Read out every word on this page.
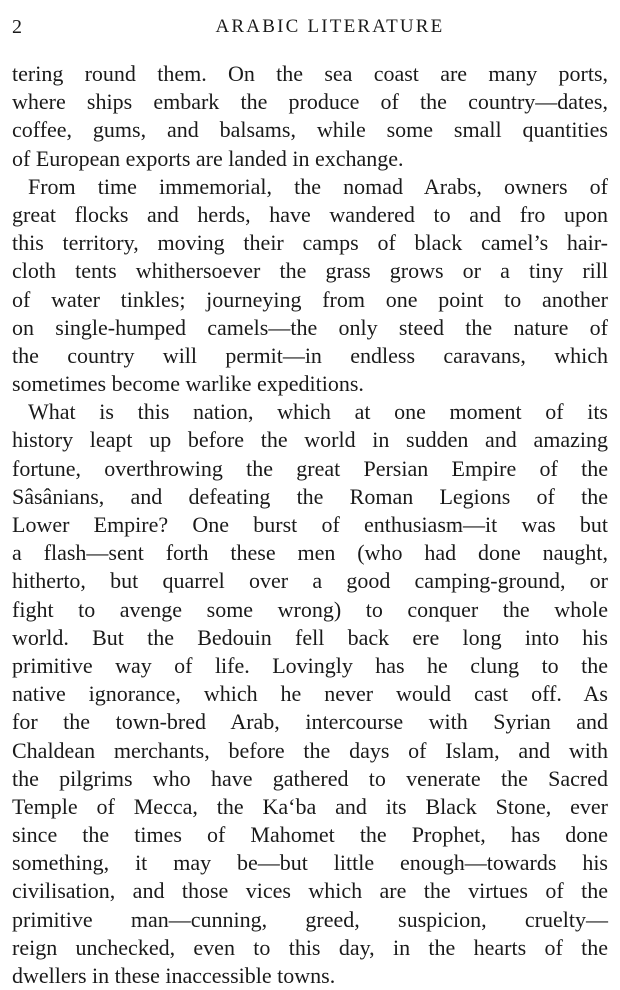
2	ARABIC LITERATURE
tering round them. On the sea coast are many ports,
where ships embark the produce of the country—dates,
coffee, gums, and balsams, while some small quantities
of European exports are landed in exchange.
From time immemorial, the nomad Arabs, owners of
great flocks and herds, have wandered to and fro upon
this territory, moving their camps of black camel’s hair-
cloth tents whithersoever the grass grows or a tiny rill
of water tinkles; journeying from one point to another
on single-humped camels—the only steed the nature of
the country will permit—in endless caravans, which
sometimes become warlike expeditions.
What is this nation, which at one moment of its
history leapt up before the world in sudden and amazing
fortune, overthrowing the great Persian Empire of the
Sâsânians, and defeating the Roman Legions of the
Lower Empire? One burst of enthusiasm—it was but
a flash—sent forth these men (who had done naught,
hitherto, but quarrel over a good camping-ground, or
fight to avenge some wrong) to conquer the whole
world. But the Bedouin fell back ere long into his
primitive way of life. Lovingly has he clung to the
native ignorance, which he never would cast off. As
for the town-bred Arab, intercourse with Syrian and
Chaldean merchants, before the days of Islam, and with
the pilgrims who have gathered to venerate the Sacred
Temple of Mecca, the Ka‘ba and its Black Stone, ever
since the times of Mahomet the Prophet, has done
something, it may be—but little enough—towards his
civilisation, and those vices which are the virtues of the
primitive man—cunning, greed, suspicion, cruelty—
reign unchecked, even to this day, in the hearts of the
dwellers in these inaccessible towns.
